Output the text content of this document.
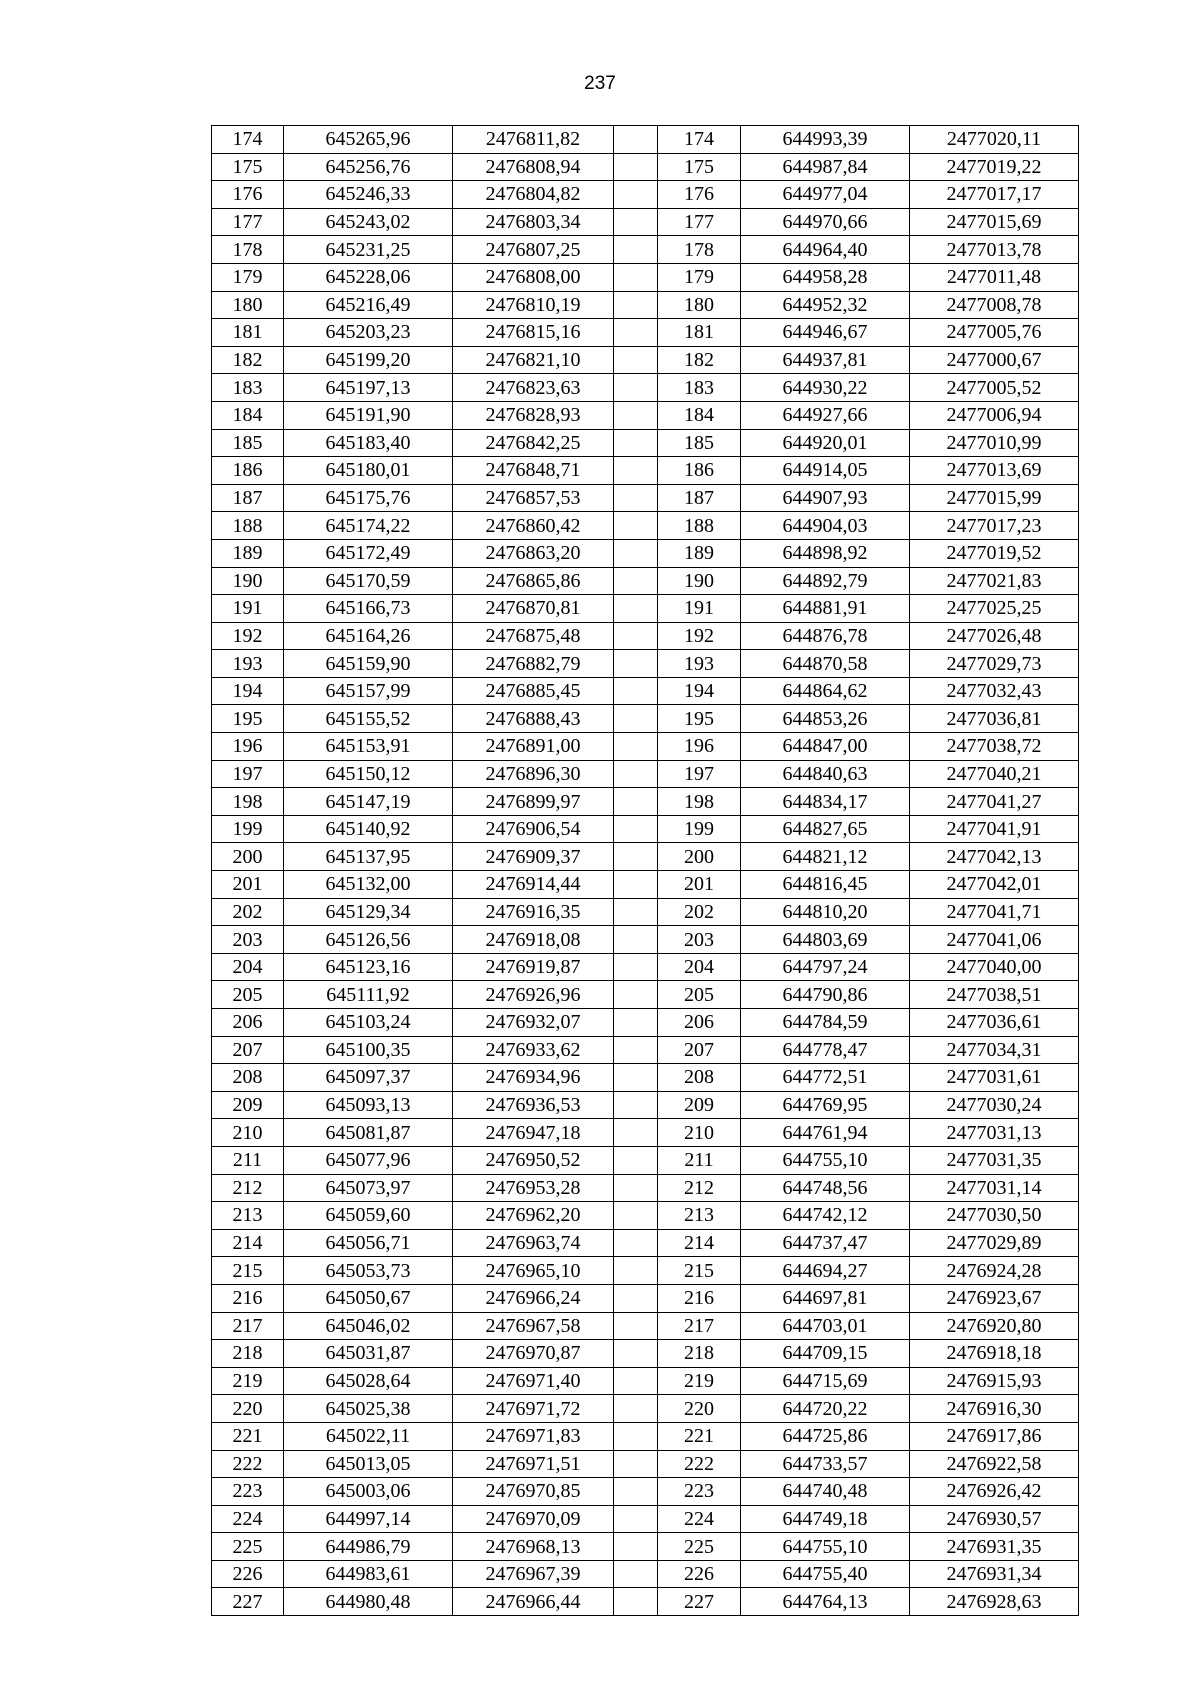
237
174	645265,96	2476811,82		174	644993,39	2477020,11
175	645256,76	2476808,94		175	644987,84	2477019,22
176	645246,33	2476804,82		176	644977,04	2477017,17
177	645243,02	2476803,34		177	644970,66	2477015,69
178	645231,25	2476807,25		178	644964,40	2477013,78
179	645228,06	2476808,00		179	644958,28	2477011,48
180	645216,49	2476810,19		180	644952,32	2477008,78
181	645203,23	2476815,16		181	644946,67	2477005,76
182	645199,20	2476821,10		182	644937,81	2477000,67
183	645197,13	2476823,63		183	644930,22	2477005,52
184	645191,90	2476828,93		184	644927,66	2477006,94
185	645183,40	2476842,25		185	644920,01	2477010,99
186	645180,01	2476848,71		186	644914,05	2477013,69
187	645175,76	2476857,53		187	644907,93	2477015,99
188	645174,22	2476860,42		188	644904,03	2477017,23
189	645172,49	2476863,20		189	644898,92	2477019,52
190	645170,59	2476865,86		190	644892,79	2477021,83
191	645166,73	2476870,81		191	644881,91	2477025,25
192	645164,26	2476875,48		192	644876,78	2477026,48
193	645159,90	2476882,79		193	644870,58	2477029,73
194	645157,99	2476885,45		194	644864,62	2477032,43
195	645155,52	2476888,43		195	644853,26	2477036,81
196	645153,91	2476891,00		196	644847,00	2477038,72
197	645150,12	2476896,30		197	644840,63	2477040,21
198	645147,19	2476899,97		198	644834,17	2477041,27
199	645140,92	2476906,54		199	644827,65	2477041,91
200	645137,95	2476909,37		200	644821,12	2477042,13
201	645132,00	2476914,44		201	644816,45	2477042,01
202	645129,34	2476916,35		202	644810,20	2477041,71
203	645126,56	2476918,08		203	644803,69	2477041,06
204	645123,16	2476919,87		204	644797,24	2477040,00
205	645111,92	2476926,96		205	644790,86	2477038,51
206	645103,24	2476932,07		206	644784,59	2477036,61
207	645100,35	2476933,62		207	644778,47	2477034,31
208	645097,37	2476934,96		208	644772,51	2477031,61
209	645093,13	2476936,53		209	644769,95	2477030,24
210	645081,87	2476947,18		210	644761,94	2477031,13
211	645077,96	2476950,52		211	644755,10	2477031,35
212	645073,97	2476953,28		212	644748,56	2477031,14
213	645059,60	2476962,20		213	644742,12	2477030,50
214	645056,71	2476963,74		214	644737,47	2477029,89
215	645053,73	2476965,10		215	644694,27	2476924,28
216	645050,67	2476966,24		216	644697,81	2476923,67
217	645046,02	2476967,58		217	644703,01	2476920,80
218	645031,87	2476970,87		218	644709,15	2476918,18
219	645028,64	2476971,40		219	644715,69	2476915,93
220	645025,38	2476971,72		220	644720,22	2476916,30
221	645022,11	2476971,83		221	644725,86	2476917,86
222	645013,05	2476971,51		222	644733,57	2476922,58
223	645003,06	2476970,85		223	644740,48	2476926,42
224	644997,14	2476970,09		224	644749,18	2476930,57
225	644986,79	2476968,13		225	644755,10	2476931,35
226	644983,61	2476967,39		226	644755,40	2476931,34
227	644980,48	2476966,44		227	644764,13	2476928,63
